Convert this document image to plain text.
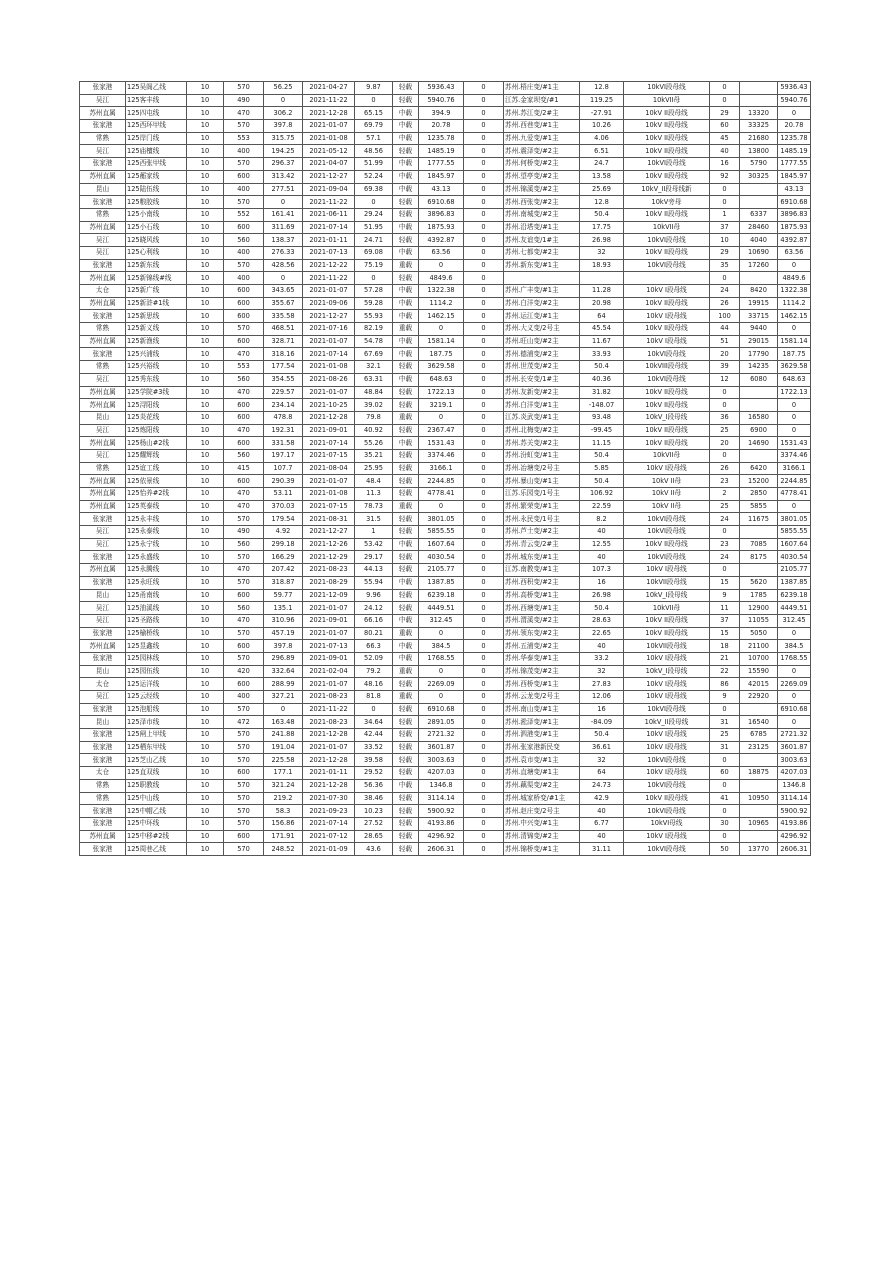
张家港	125吴阁乙线	10	570	56.25	2021-04-27	9.87	轻载	5936.43	0	苏州.梧庄变/#1主	12.8	10kVI段母线	0		5936.43
吴江	125客丰线	10	490	0	2021-11-22	0	轻载	5940.76	0	江苏.金家坝变/#1	119.25	10kVII母	0		5940.76
苏州直属	125四屯线	10	470	306.2	2021-12-28	65.15	中载	394.9	0	苏州.苏江变/2#主	-27.91	10kV II段母线	29	13320	0
张家港	125西环甲线	10	570	397.8	2021-01-07	69.79	中载	20.78	0	苏州.西巷变/#1主	10.26	10kV II段母线	60	33325	20.78
常熟	125岸门线	10	553	315.75	2021-01-08	57.1	中载	1235.78	0	苏州.九爱变/#1主	4.06	10kV II段母线	45	21680	1235.78
吴江	125庙檀线	10	400	194.25	2021-05-12	48.56	轻载	1485.19	0	苏州.震泽变/#2主	6.51	10kV II段母线	40	13800	1485.19
张家港	125西张甲线	10	570	296.37	2021-04-07	51.99	中载	1777.55	0	苏州.何桥变/#2主	24.7	10kVI段母线	16	5790	1777.55
苏州直属	125蘅家线	10	600	313.42	2021-12-27	52.24	中载	1845.97	0	苏州.望亭变/#2主	13.58	10kV II段母线	92	30325	1845.97
昆山	125陆伍线	10	400	277.51	2021-09-04	69.38	中载	43.13	0	苏州.锦溪变/#2主	25.69	10kV_II段母线新	0		43.13
张家港	125粮胶线	10	570	0	2021-11-22	0	轻载	6910.68	0	苏州.西张变/#2主	12.8	10kV旁母	0		6910.68
常熟	125小南线	10	552	161.41	2021-06-11	29.24	轻载	3896.83	0	苏州.南城变/#2主	50.4	10kV II段母线	1	6337	3896.83
苏州直属	125小石线	10	600	311.69	2021-07-14	51.95	中载	1875.93	0	苏州.沿塔变/#1主	17.75	10kVII母	37	28460	1875.93
吴江	125晓风线	10	560	138.37	2021-01-11	24.71	轻载	4392.87	0	苏州.友谊变/1#主	26.98	10kVI段母线	10	4040	4392.87
吴江	125心利线	10	400	276.33	2021-07-13	69.08	中载	63.56	0	苏州.七都变/#2主	32	10kV II段母线	29	10690	63.56
张家港	125新东线	10	570	428.56	2021-12-22	75.19	重载	0	0	苏州.新东变/#1主	18.93	10kVI段母线	35	17260	0
苏州直属	125新锦线#线	10	400	0	2021-11-22	0	轻载	4849.6	0				0		4849.6
太仓	125新广线	10	600	343.65	2021-01-07	57.28	中载	1322.38	0	苏州.广丰变/#1主	11.28	10kV I段母线	24	8420	1322.38
苏州直属	125新浒#1线	10	600	355.67	2021-09-06	59.28	中载	1114.2	0	苏州.白洋变/#2主	20.98	10kV II段母线	26	19915	1114.2
张家港	125新思线	10	600	335.58	2021-12-27	55.93	中载	1462.15	0	苏州.运江变/#1主	64	10kV I段母线	100	33715	1462.15
常熟	125新义线	10	570	468.51	2021-07-16	82.19	重载	0	0	苏州.大义变/2号主	45.54	10kV II段母线	44	9440	0
苏州直属	125新渔线	10	600	328.71	2021-01-07	54.78	中载	1581.14	0	苏州.旺山变/#2主	11.67	10kV I段母线	51	29015	1581.14
张家港	125兴浦线	10	470	318.16	2021-07-14	67.69	中载	187.75	0	苏州.德浦变/#2主	33.93	10kVI段母线	20	17790	187.75
常熟	125兴裕线	10	553	177.54	2021-01-08	32.1	轻载	3629.58	0	苏州.世茂变/#2主	50.4	10kVIII段母线	39	14235	3629.58
吴江	125秀东线	10	560	354.55	2021-08-26	63.31	中载	648.63	0	苏州.长安变/1#主	40.36	10kVI段母线	12	6080	648.63
苏州直属	125学院#3线	10	470	229.57	2021-01-07	48.84	轻载	1722.13	0	苏州.友新变/#2主	31.82	10kV II段母线	0		1722.13
苏州直属	125浔阳线	10	600	234.14	2021-10-25	39.02	轻载	3219.1	0	苏州.白洋变/#1主	-148.07	10kV II段母线	0		0
昆山	125炎花线	10	600	478.8	2021-12-28	79.8	重载	0	0	江苏.炎武变/#1主	93.48	10kV_I段母线	36	16580	0
吴江	125炼阳线	10	470	192.31	2021-09-01	40.92	轻载	2367.47	0	苏州.北梅变/#2主	-99.45	10kV II段母线	25	6900	0
苏州直属	125杨山#2线	10	600	331.58	2021-07-14	55.26	中载	1531.43	0	苏州.苏关变/#2主	11.15	10kV II段母线	20	14690	1531.43
吴江	125耀辉线	10	560	197.17	2021-07-15	35.21	轻载	3374.46	0	苏州.汾虹变/#1主	50.4	10kVII母	0		3374.46
常熟	125谊工线	10	415	107.7	2021-08-04	25.95	轻载	3166.1	0	苏州.冶塘变/2号主	5.85	10kV I段母线	26	6420	3166.1
苏州直属	125依景线	10	600	290.39	2021-01-07	48.4	轻载	2244.85	0	苏州.暴山变/#1主	50.4	10kV II母	23	15200	2244.85
苏州直属	125怡养#2线	10	470	53.11	2021-01-08	11.3	轻载	4778.41	0	江苏.乐园变/1号主	106.92	10kV II母	2	2850	4778.41
苏州直属	125英泰线	10	470	370.03	2021-07-15	78.73	重载	0	0	苏州.繁荣变/#1主	22.59	10kV II母	25	5855	0
张家港	125永丰线	10	570	179.54	2021-08-31	31.5	轻载	3801.05	0	苏州.永民变/1号主	8.2	10kVI段母线	24	11675	3801.05
吴江	125永泰线	10	490	4.92	2021-12-27	1	轻载	5855.55	0	苏州.芦土变/#2主	40	10kVI段母线	0		5855.55
吴江	125永宁线	10	560	299.18	2021-12-26	53.42	中载	1607.64	0	苏州.青云变/2#主	12.55	10kV II段母线	23	7085	1607.64
张家港	125永盛线	10	570	166.29	2021-12-29	29.17	轻载	4030.54	0	苏州.城东变/#1主	40	10kVI段母线	24	8175	4030.54
苏州直属	125永腾线	10	470	207.42	2021-08-23	44.13	轻载	2105.77	0	江苏.南教变/#1主	107.3	10kV I段母线	0		2105.77
张家港	125永旺线	10	570	318.87	2021-08-29	55.94	中载	1387.85	0	苏州.西积变/#2主	16	10kVII段母线	15	5620	1387.85
昆山	125甬南线	10	600	59.77	2021-12-09	9.96	轻载	6239.18	0	苏州.高桥变/#1主	26.98	10kV_I段母线	9	1785	6239.18
吴江	125油溪线	10	560	135.1	2021-01-07	24.12	轻载	4449.51	0	苏州.西塘变/#1主	50.4	10kVII母	11	12900	4449.51
吴江	125圣路线	10	470	310.96	2021-09-01	66.16	中载	312.45	0	苏州.渭溪变/#2主	28.63	10kV II段母线	37	11055	312.45
张家港	125榆桥线	10	570	457.19	2021-01-07	80.21	重载	0	0	苏州.领东变/#2主	22.65	10kV II段母线	15	5050	0
苏州直属	125昱鑫线	10	600	397.8	2021-07-13	66.3	中载	384.5	0	苏州.五浦变/#2主	40	10kVII段母线	18	21100	384.5
张家港	125园林线	10	570	296.89	2021-09-01	52.09	中载	1768.55	0	苏州.华泰变/#1主	33.2	10kV I段母线	21	10700	1768.55
昆山	125园伍线	10	420	332.64	2021-02-04	79.2	重载	0	0	苏州.锦茂变/#2主	32	10kV_I段母线	22	15590	0
太仓	125运洋线	10	600	288.99	2021-01-07	48.16	轻载	2269.09	0	苏州.西桥变/#1主	27.83	10kV I段母线	86	42015	2269.09
吴江	125云经线	10	400	327.21	2021-08-23	81.8	重载	0	0	苏州.云龙变/2号主	12.06	10kV I段母线	9	22920	0
张家港	125泡船线	10	570	0	2021-11-22	0	轻载	6910.68	0	苏州.南山变/#1主	16	10kVI段母线	0		6910.68
昆山	125泽市线	10	472	163.48	2021-08-23	34.64	轻载	2891.05	0	苏州.淞泽变/#1主	-84.09	10kV_II段母线	31	16540	0
张家港	125闸上甲线	10	570	241.88	2021-12-28	42.44	轻载	2721.32	0	苏州.泗港变/#1主	50.4	10kV I段母线	25	6785	2721.32
张家港	125栖东甲线	10	570	191.04	2021-01-07	33.52	轻载	3601.87	0	苏州.张家港新民变	36.61	10kV I段母线	31	23125	3601.87
张家港	125芝山乙线	10	570	225.58	2021-12-28	39.58	轻载	3003.63	0	苏州.袁市变/#1主	32	10kVI段母线	0		3003.63
太仓	125直双线	10	600	177.1	2021-01-11	29.52	轻载	4207.03	0	苏州.直塘变/#1主	64	10kV I段母线	60	18875	4207.03
常熟	125职教线	10	570	321.24	2021-12-28	56.36	中载	1346.8	0	苏州.藕渠变/#2主	24.73	10kVI段母线	0		1346.8
常熟	125中山线	10	570	219.2	2021-07-30	38.46	轻载	3114.14	0	苏州.城家桥变/#1主	42.9	10kV II段母线	41	10950	3114.14
张家港	125中帽乙线	10	570	58.3	2021-09-23	10.23	轻载	5900.92	0	苏州.赵庄变/2号主	40	10kVI段母线	0		5900.92
张家港	125中环线	10	570	156.86	2021-07-14	27.52	轻载	4193.86	0	苏州.中兴变/#1主	6.77	10kVI母线	30	10965	4193.86
苏州直属	125中移#2线	10	600	171.91	2021-07-12	28.65	轻载	4296.92	0	苏州.清锦变/#2主	40	10kV I段母线	0		4296.92
张家港	125周巷乙线	10	570	248.52	2021-01-09	43.6	轻载	2606.31	0	苏州.锦桥变/#1主	31.11	10kVI段母线	50	13770	2606.31
